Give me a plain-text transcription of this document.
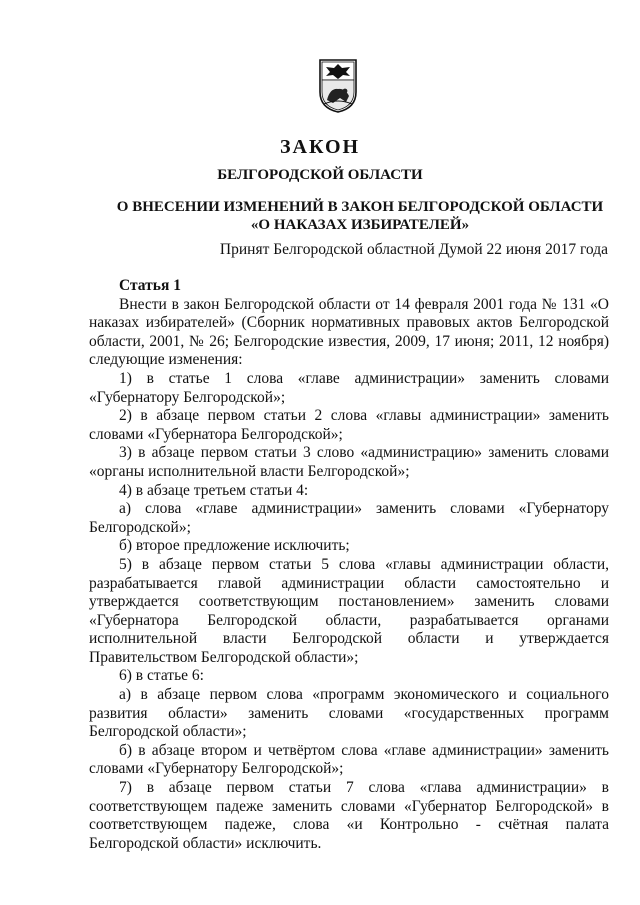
ЗАКОН
БЕЛГОРОДСКОЙ ОБЛАСТИ
О ВНЕСЕНИИ ИЗМЕНЕНИЙ В ЗАКОН БЕЛГОРОДСКОЙ ОБЛАСТИ
«О НАКАЗАХ ИЗБИРАТЕЛЕЙ»

Принят Белгородской областной Думой 22 июня 2017 года

Статья 1

Внести в закон Белгородской области от 14 февраля 2001 года № 131 «О наказах избирателей» (Сборник нормативных правовых актов Белгородской области, 2001, № 26; Белгородские известия, 2009, 17 июня; 2011, 12 ноября) следующие изменения:

1) в статье 1 слова «главе администрации» заменить словами «Губернатору Белгородской»;

2) в абзаце первом статьи 2 слова «главы администрации» заменить словами «Губернатора Белгородской»;

3) в абзаце первом статьи 3 слово «администрацию» заменить словами «органы исполнительной власти Белгородской»;

4) в абзаце третьем статьи 4:

а) слова «главе администрации» заменить словами «Губернатору Белгородской»;

б) второе предложение исключить;

5) в абзаце первом статьи 5 слова «главы администрации области, разрабатывается главой администрации области самостоятельно и утверждается соответствующим постановлением» заменить словами «Губернатора Белгородской области, разрабатывается органами исполнительной власти Белгородской области и утверждается Правительством Белгородской области»;

6) в статье 6:

а) в абзаце первом слова «программ экономического и социального развития области» заменить словами «государственных программ Белгородской области»;

б) в абзаце втором и четвёртом слова «главе администрации» заменить словами «Губернатору Белгородской»;

7) в абзаце первом статьи 7 слова «глава администрации» в соответствующем падеже заменить словами «Губернатор Белгородской» в соответствующем падеже, слова «и Контрольно - счётная палата Белгородской области» исключить.
